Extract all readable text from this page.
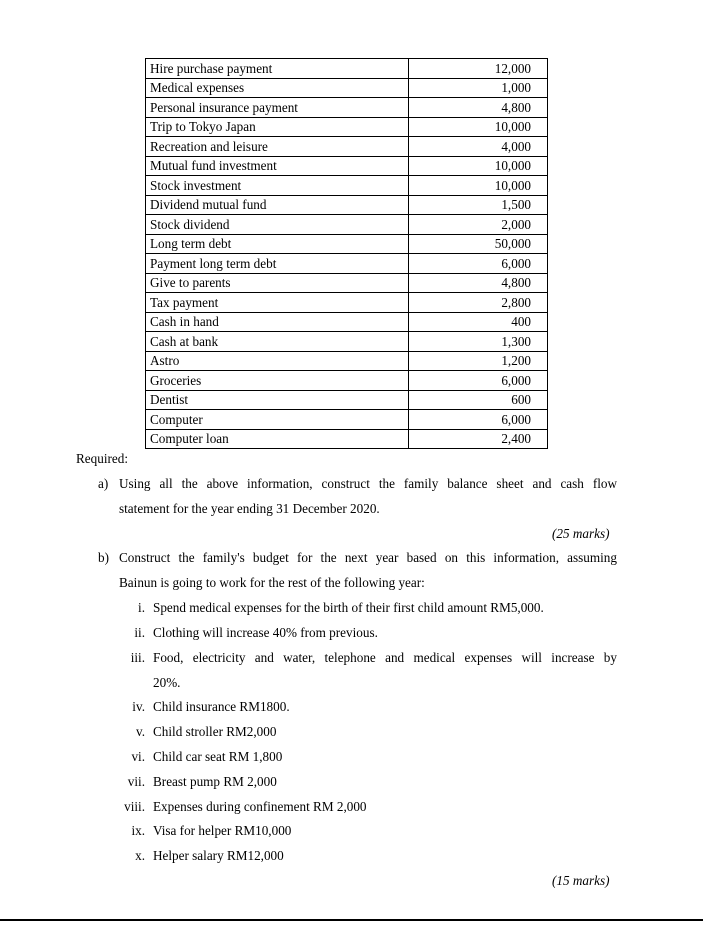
Hire purchase payment	12,000
Medical expenses	1,000
Personal insurance payment	4,800
Trip to Tokyo Japan	10,000
Recreation and leisure	4,000
Mutual fund investment	10,000
Stock investment	10,000
Dividend mutual fund	1,500
Stock dividend	2,000
Long term debt	50,000
Payment long term debt	6,000
Give to parents	4,800
Tax payment	2,800
Cash in hand	400
Cash at bank	1,300
Astro	1,200
Groceries	6,000
Dentist	600
Computer	6,000
Computer loan	2,400
Required:
a) Using all the above information, construct the family balance sheet and cash flow
statement for the year ending 31 December 2020.
(25 marks)
b) Construct the family's budget for the next year based on this information, assuming
Bainun is going to work for the rest of the following year:
i. Spend medical expenses for the birth of their first child amount RM5,000.
ii. Clothing will increase 40% from previous.
iii. Food, electricity and water, telephone and medical expenses will increase by
20%.
iv. Child insurance RM1800.
v. Child stroller RM2,000
vi. Child car seat RM 1,800
vii. Breast pump RM 2,000
viii. Expenses during confinement RM 2,000
ix. Visa for helper RM10,000
x. Helper salary RM12,000
(15 marks)
